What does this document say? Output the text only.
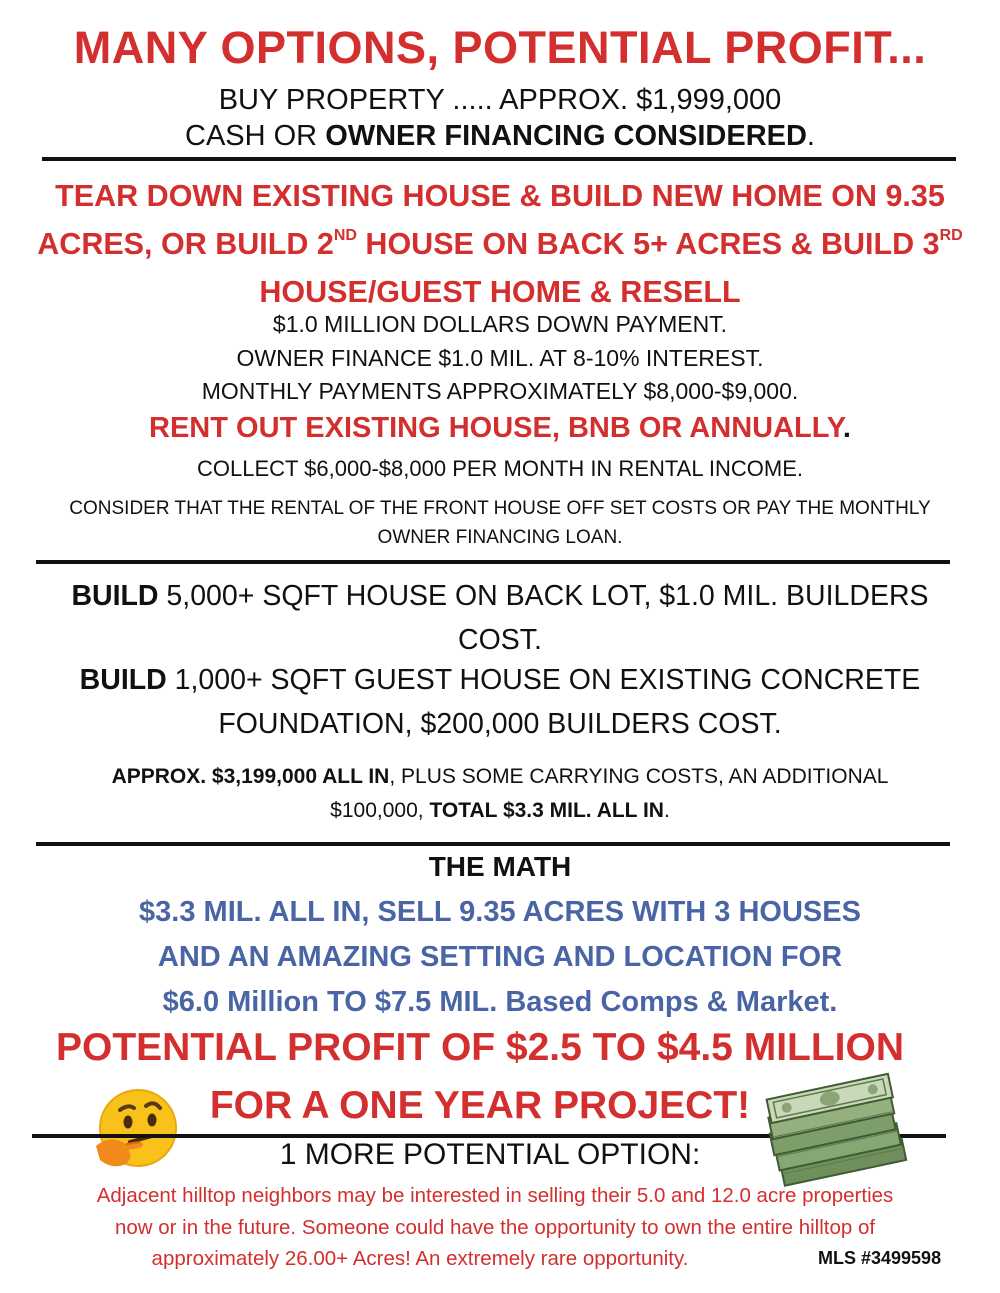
MANY OPTIONS, POTENTIAL PROFIT...
BUY PROPERTY ..... APPROX. $1,999,000
CASH OR OWNER FINANCING CONSIDERED.
TEAR DOWN EXISTING HOUSE & BUILD NEW HOME ON 9.35
ACRES, OR BUILD 2ND HOUSE ON BACK 5+ ACRES & BUILD 3RD
HOUSE/GUEST HOME & RESELL
$1.0 MILLION DOLLARS DOWN PAYMENT.
OWNER FINANCE $1.0 MIL. AT 8-10% INTEREST.
MONTHLY PAYMENTS APPROXIMATELY $8,000-$9,000.
RENT OUT EXISTING HOUSE, BNB OR ANNUALLY.
COLLECT $6,000-$8,000 PER MONTH IN RENTAL INCOME.
CONSIDER THAT THE RENTAL OF THE FRONT HOUSE OFF SET COSTS OR PAY THE MONTHLY
OWNER FINANCING LOAN.
BUILD 5,000+ SQFT HOUSE ON BACK LOT, $1.0 MIL. BUILDERS
COST.
BUILD 1,000+ SQFT GUEST HOUSE ON EXISTING CONCRETE
FOUNDATION, $200,000 BUILDERS COST.
APPROX. $3,199,000 ALL IN, PLUS SOME CARRYING COSTS, AN ADDITIONAL
$100,000, TOTAL $3.3 MIL. ALL IN.
THE MATH
$3.3 MIL. ALL IN, SELL 9.35 ACRES WITH 3 HOUSES
AND AN AMAZING SETTING AND LOCATION FOR
$6.0 Million TO $7.5 MIL. Based Comps & Market.
POTENTIAL PROFIT OF $2.5 TO $4.5 MILLION
FOR A ONE YEAR PROJECT!
1 MORE POTENTIAL OPTION:
Adjacent hilltop neighbors may be interested in selling their 5.0 and 12.0 acre properties
now or in the future. Someone could have the opportunity to own the entire hilltop of
approximately 26.00+ Acres! An extremely rare opportunity.	MLS #3499598
